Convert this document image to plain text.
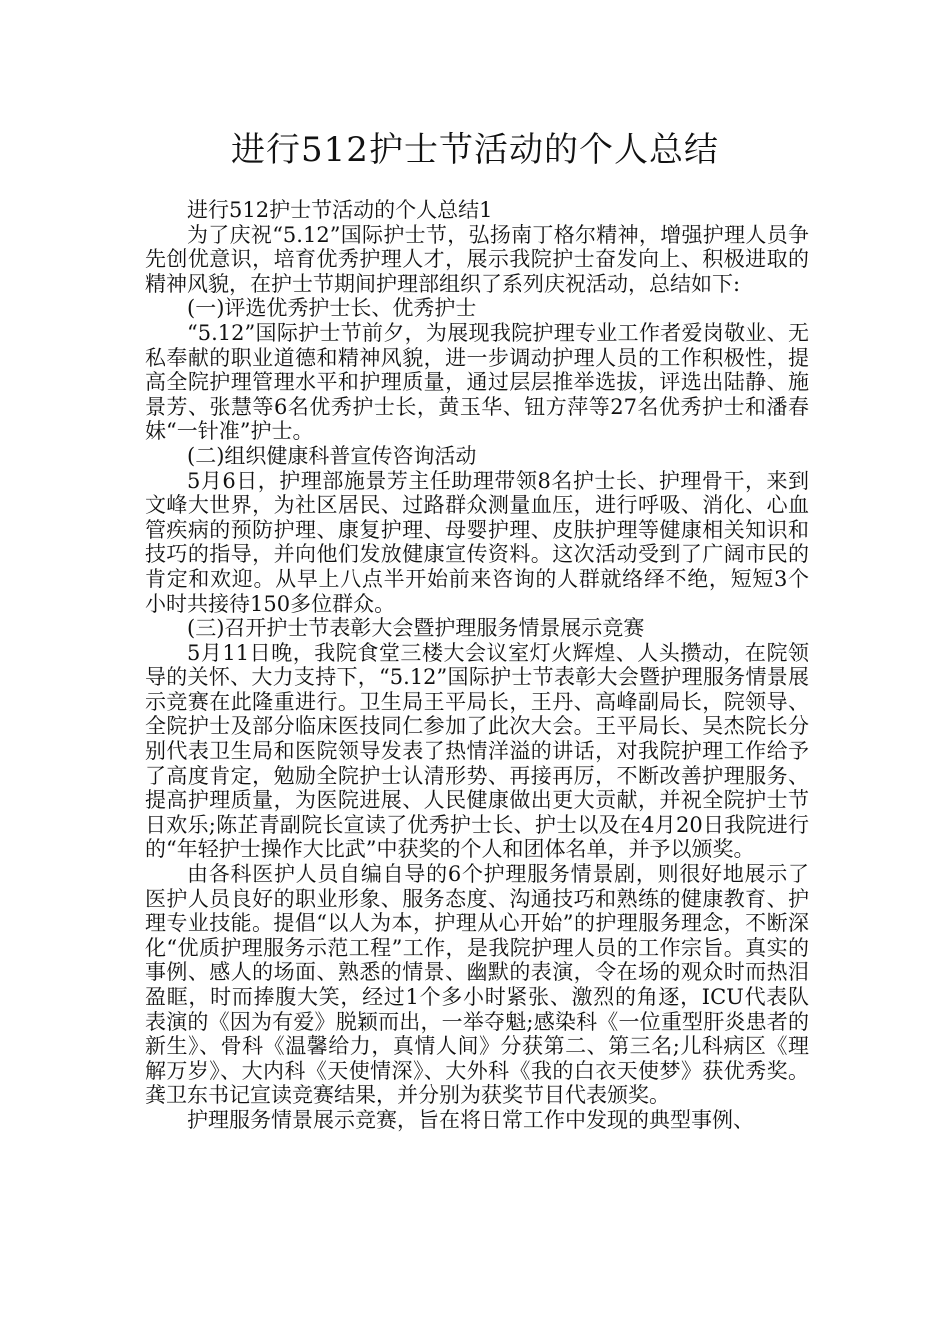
进行512护士节活动的个人总结

进行512护士节活动的个人总结1

为了庆祝“5.12”国际护士节，弘扬南丁格尔精神，增强护理人员争先创优意识，培育优秀护理人才，展示我院护士奋发向上、积极进取的精神风貌，在护士节期间护理部组织了系列庆祝活动，总结如下:

(一)评选优秀护士长、优秀护士

“5.12”国际护士节前夕，为展现我院护理专业工作者爱岗敬业、无私奉献的职业道德和精神风貌，进一步调动护理人员的工作积极性，提高全院护理管理水平和护理质量，通过层层推举选拔，评选出陆静、施景芳、张慧等6名优秀护士长，黄玉华、钮方萍等27名优秀护士和潘春妹“一针准”护士。

(二)组织健康科普宣传咨询活动

5月6日，护理部施景芳主任助理带领8名护士长、护理骨干，来到文峰大世界，为社区居民、过路群众测量血压，进行呼吸、消化、心血管疾病的预防护理、康复护理、母婴护理、皮肤护理等健康相关知识和技巧的指导，并向他们发放健康宣传资料。这次活动受到了广阔市民的肯定和欢迎。从早上八点半开始前来咨询的人群就络绎不绝，短短3个小时共接待150多位群众。

(三)召开护士节表彰大会暨护理服务情景展示竞赛

5月11日晚，我院食堂三楼大会议室灯火辉煌、人头攒动，在院领导的关怀、大力支持下，“5.12”国际护士节表彰大会暨护理服务情景展示竞赛在此隆重进行。卫生局王平局长，王丹、高峰副局长，院领导、全院护士及部分临床医技同仁参加了此次大会。王平局长、吴杰院长分别代表卫生局和医院领导发表了热情洋溢的讲话，对我院护理工作给予了高度肯定，勉励全院护士认清形势、再接再厉，不断改善护理服务、提高护理质量，为医院进展、人民健康做出更大贡献，并祝全院护士节日欢乐;陈芷青副院长宣读了优秀护士长、护士以及在4月20日我院进行的“年轻护士操作大比武”中获奖的个人和团体名单，并予以颁奖。

由各科医护人员自编自导的6个护理服务情景剧，则很好地展示了医护人员良好的职业形象、服务态度、沟通技巧和熟练的健康教育、护理专业技能。提倡“以人为本，护理从心开始”的护理服务理念，不断深化“优质护理服务示范工程”工作，是我院护理人员的工作宗旨。真实的事例、感人的场面、熟悉的情景、幽默的表演，令在场的观众时而热泪盈眶，时而捧腹大笑，经过1个多小时紧张、激烈的角逐，ICU代表队表演的《因为有爱》脱颖而出，一举夺魁;感染科《一位重型肝炎患者的新生》、骨科《温馨给力，真情人间》分获第二、第三名;儿科病区《理解万岁》、大内科《天使情深》、大外科《我的白衣天使梦》获优秀奖。龚卫东书记宣读竞赛结果，并分别为获奖节目代表颁奖。

护理服务情景展示竞赛，旨在将日常工作中发现的典型事例、
